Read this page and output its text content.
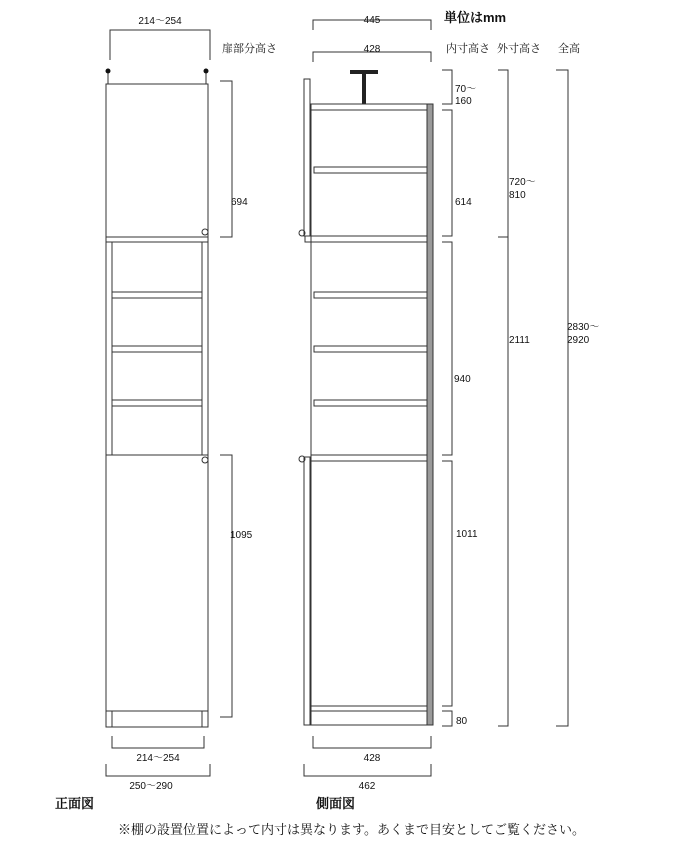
214～254
扉部分高さ
694
1095
214～254
250～290
単位はmm
445
428	内寸高さ 外寸高さ 全高
70～
160
614
940
1011
80
720～
810
2111
2830～
2920
428
462
正面図	側面図
※棚の設置位置によって内寸は異なります。あくまで目安としてご覧ください。
